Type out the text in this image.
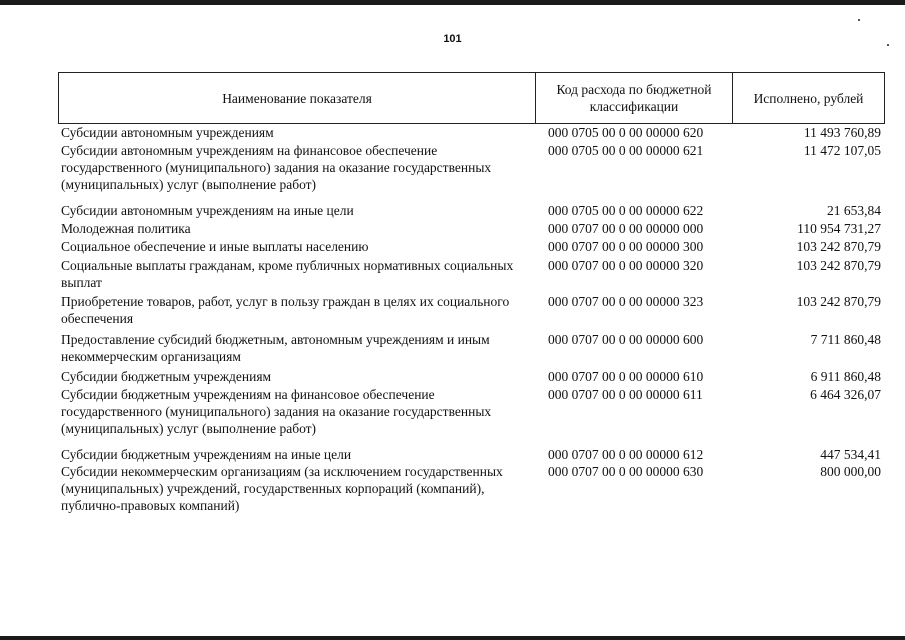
101
Наименование показателя
Код расхода по бюджетной классификации
Исполнено, рублей
Субсидии автономным учреждениям	000 0705 00 0 00 00000 620	11 493 760,89
Субсидии автономным учреждениям на финансовое обеспечение государственного (муниципального) задания на оказание государственных (муниципальных) услуг (выполнение работ)
000 0705 00 0 00 00000 621	11 472 107,05
Субсидии автономным учреждениям на иные цели	000 0705 00 0 00 00000 622	21 653,84
Молодежная политика	000 0707 00 0 00 00000 000	110 954 731,27
Социальное обеспечение и иные выплаты населению	000 0707 00 0 00 00000 300	103 242 870,79
Социальные выплаты гражданам, кроме публичных нормативных социальных выплат
000 0707 00 0 00 00000 320	103 242 870,79
Приобретение товаров, работ, услуг в пользу граждан в целях их социального обеспечения
000 0707 00 0 00 00000 323	103 242 870,79
Предоставление субсидий бюджетным, автономным учреждениям и иным некоммерческим организациям
000 0707 00 0 00 00000 600	7 711 860,48
Субсидии бюджетным учреждениям	000 0707 00 0 00 00000 610	6 911 860,48
Субсидии бюджетным учреждениям на финансовое обеспечение государственного (муниципального) задания на оказание государственных (муниципальных) услуг (выполнение работ)
000 0707 00 0 00 00000 611	6 464 326,07
Субсидии бюджетным учреждениям на иные цели	000 0707 00 0 00 00000 612	447 534,41
Субсидии некоммерческим организациям (за исключением государственных (муниципальных) учреждений, государственных корпораций (компаний), публично-правовых компаний)
000 0707 00 0 00 00000 630	800 000,00
